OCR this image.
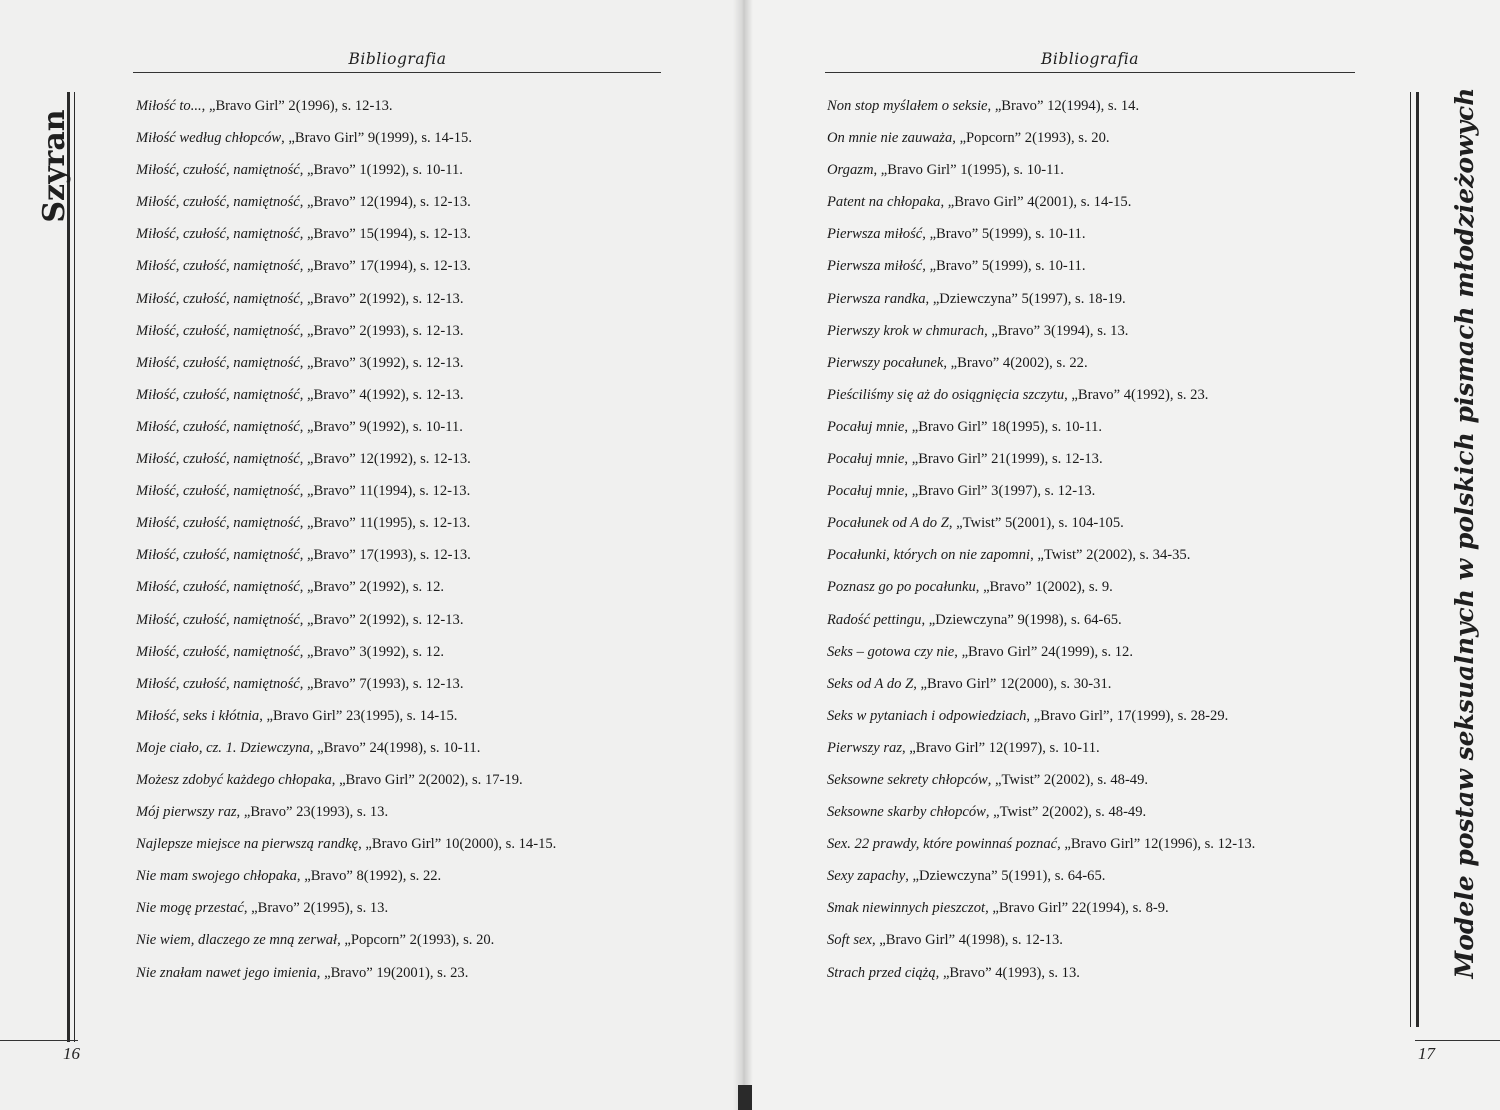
Bibliografia
Miłość to..., „Bravo Girl” 2(1996), s. 12-13.
Miłość według chłopców, „Bravo Girl” 9(1999), s. 14-15.
Miłość, czułość, namiętność, „Bravo” 1(1992), s. 10-11.
Miłość, czułość, namiętność, „Bravo” 12(1994), s. 12-13.
Miłość, czułość, namiętność, „Bravo” 15(1994), s. 12-13.
Miłość, czułość, namiętność, „Bravo” 17(1994), s. 12-13.
Miłość, czułość, namiętność, „Bravo” 2(1992), s. 12-13.
Miłość, czułość, namiętność, „Bravo” 2(1993), s. 12-13.
Miłość, czułość, namiętność, „Bravo” 3(1992), s. 12-13.
Miłość, czułość, namiętność, „Bravo” 4(1992), s. 12-13.
Miłość, czułość, namiętność, „Bravo” 9(1992), s. 10-11.
Miłość, czułość, namiętność, „Bravo” 12(1992), s. 12-13.
Miłość, czułość, namiętność, „Bravo” 11(1994), s. 12-13.
Miłość, czułość, namiętność, „Bravo” 11(1995), s. 12-13.
Miłość, czułość, namiętność, „Bravo” 17(1993), s. 12-13.
Miłość, czułość, namiętność, „Bravo” 2(1992), s. 12.
Miłość, czułość, namiętność, „Bravo” 2(1992), s. 12-13.
Miłość, czułość, namiętność, „Bravo” 3(1992), s. 12.
Miłość, czułość, namiętność, „Bravo” 7(1993), s. 12-13.
Miłość, seks i kłótnia, „Bravo Girl” 23(1995), s. 14-15.
Moje ciało, cz. 1. Dziewczyna, „Bravo” 24(1998), s. 10-11.
Możesz zdobyć każdego chłopaka, „Bravo Girl” 2(2002), s. 17-19.
Mój pierwszy raz, „Bravo” 23(1993), s. 13.
Najlepsze miejsce na pierwszą randkę, „Bravo Girl” 10(2000), s. 14-15.
Nie mam swojego chłopaka, „Bravo” 8(1992), s. 22.
Nie mogę przestać, „Bravo” 2(1995), s. 13.
Nie wiem, dlaczego ze mną zerwał, „Popcorn” 2(1993), s. 20.
Nie znałam nawet jego imienia, „Bravo” 19(2001), s. 23.
Szyran
16
Bibliografia
Non stop myślałem o seksie, „Bravo” 12(1994), s. 14.
On mnie nie zauważa, „Popcorn” 2(1993), s. 20.
Orgazm, „Bravo Girl” 1(1995), s. 10-11.
Patent na chłopaka, „Bravo Girl” 4(2001), s. 14-15.
Pierwsza miłość, „Bravo” 5(1999), s. 10-11.
Pierwsza miłość, „Bravo” 5(1999), s. 10-11.
Pierwsza randka, „Dziewczyna” 5(1997), s. 18-19.
Pierwszy krok w chmurach, „Bravo” 3(1994), s. 13.
Pierwszy pocałunek, „Bravo” 4(2002), s. 22.
Pieściliśmy się aż do osiągnięcia szczytu, „Bravo” 4(1992), s. 23.
Pocałuj mnie, „Bravo Girl” 18(1995), s. 10-11.
Pocałuj mnie, „Bravo Girl” 21(1999), s. 12-13.
Pocałuj mnie, „Bravo Girl” 3(1997), s. 12-13.
Pocałunek od A do Z, „Twist” 5(2001), s. 104-105.
Pocałunki, których on nie zapomni, „Twist” 2(2002), s. 34-35.
Poznasz go po pocałunku, „Bravo” 1(2002), s. 9.
Radość pettingu, „Dziewczyna” 9(1998), s. 64-65.
Seks – gotowa czy nie, „Bravo Girl” 24(1999), s. 12.
Seks od A do Z, „Bravo Girl” 12(2000), s. 30-31.
Seks w pytaniach i odpowiedziach, „Bravo Girl”, 17(1999), s. 28-29.
Pierwszy raz, „Bravo Girl” 12(1997), s. 10-11.
Seksowne sekrety chłopców, „Twist” 2(2002), s. 48-49.
Seksowne skarby chłopców, „Twist” 2(2002), s. 48-49.
Sex. 22 prawdy, które powinnaś poznać, „Bravo Girl” 12(1996), s. 12-13.
Sexy zapachy, „Dziewczyna” 5(1991), s. 64-65.
Smak niewinnych pieszczot, „Bravo Girl” 22(1994), s. 8-9.
Soft sex, „Bravo Girl” 4(1998), s. 12-13.
Strach przed ciążą, „Bravo” 4(1993), s. 13.	Modele postaw seksualnych w polskich pismach młodzieżowych
17
